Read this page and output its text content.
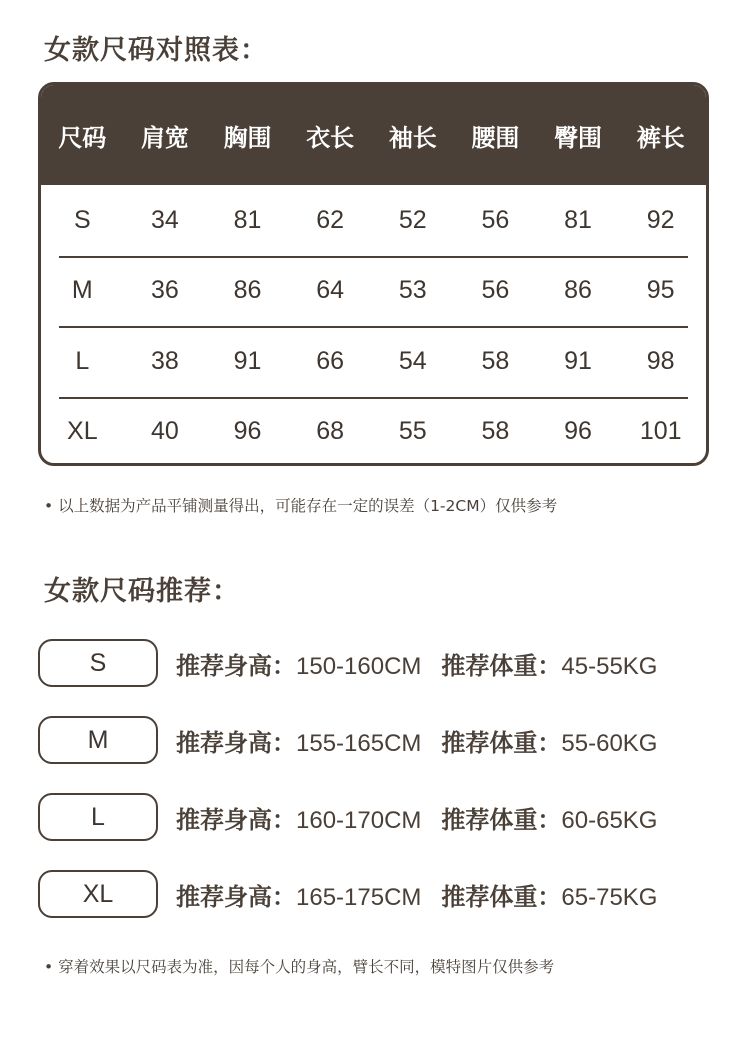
女款尺码对照表：
尺码	肩宽	胸围	衣长	袖长	腰围	臀围	裤长
S	34	81	62	52	56	81	92
M	36	86	64	53	56	86	95
L	38	91	66	54	58	91	98
XL	40	96	68	55	58	96	101
• 以上数据为产品平铺测量得出，可能存在一定的误差（1-2CM）仅供参考
女款尺码推荐：
S	推荐身高：150-160CM 推荐体重：45-55KG
M	推荐身高：155-165CM 推荐体重：55-60KG
L	推荐身高：160-170CM 推荐体重：60-65KG
XL	推荐身高：165-175CM 推荐体重：65-75KG
• 穿着效果以尺码表为准，因每个人的身高，臂长不同，模特图片仅供参考
